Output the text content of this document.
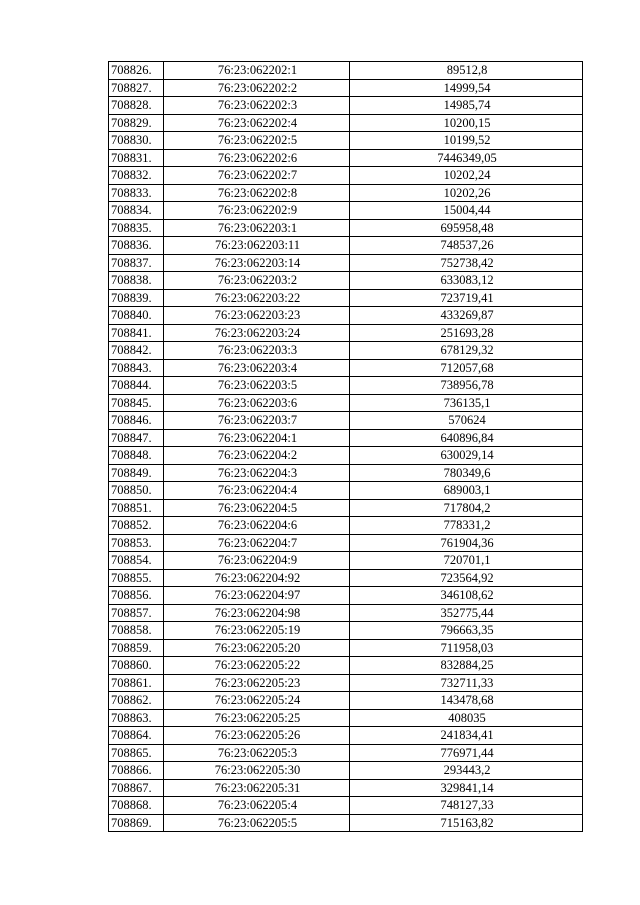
708826.	76:23:062202:1	89512,8
708827.	76:23:062202:2	14999,54
708828.	76:23:062202:3	14985,74
708829.	76:23:062202:4	10200,15
708830.	76:23:062202:5	10199,52
708831.	76:23:062202:6	7446349,05
708832.	76:23:062202:7	10202,24
708833.	76:23:062202:8	10202,26
708834.	76:23:062202:9	15004,44
708835.	76:23:062203:1	695958,48
708836.	76:23:062203:11	748537,26
708837.	76:23:062203:14	752738,42
708838.	76:23:062203:2	633083,12
708839.	76:23:062203:22	723719,41
708840.	76:23:062203:23	433269,87
708841.	76:23:062203:24	251693,28
708842.	76:23:062203:3	678129,32
708843.	76:23:062203:4	712057,68
708844.	76:23:062203:5	738956,78
708845.	76:23:062203:6	736135,1
708846.	76:23:062203:7	570624
708847.	76:23:062204:1	640896,84
708848.	76:23:062204:2	630029,14
708849.	76:23:062204:3	780349,6
708850.	76:23:062204:4	689003,1
708851.	76:23:062204:5	717804,2
708852.	76:23:062204:6	778331,2
708853.	76:23:062204:7	761904,36
708854.	76:23:062204:9	720701,1
708855.	76:23:062204:92	723564,92
708856.	76:23:062204:97	346108,62
708857.	76:23:062204:98	352775,44
708858.	76:23:062205:19	796663,35
708859.	76:23:062205:20	711958,03
708860.	76:23:062205:22	832884,25
708861.	76:23:062205:23	732711,33
708862.	76:23:062205:24	143478,68
708863.	76:23:062205:25	408035
708864.	76:23:062205:26	241834,41
708865.	76:23:062205:3	776971,44
708866.	76:23:062205:30	293443,2
708867.	76:23:062205:31	329841,14
708868.	76:23:062205:4	748127,33
708869.	76:23:062205:5	715163,82
